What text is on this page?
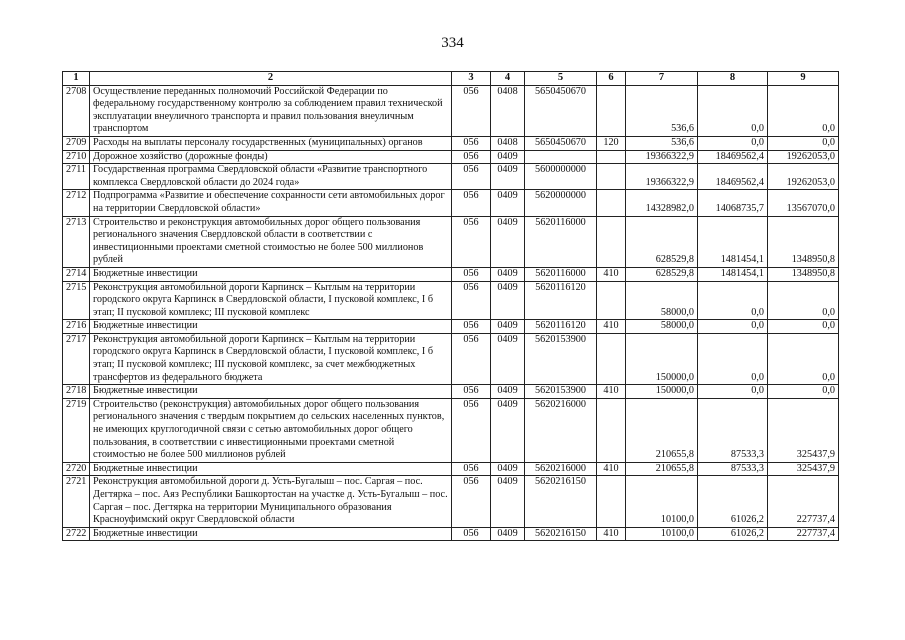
334
1	2	3	4	5	6	7	8	9
2708	Осуществление переданных полномочий Российской Федерации по федеральному государственному контролю за соблюдением правил технической эксплуатации внеуличного транспорта и правил пользования внеуличным транспортом	056	0408	5650450670		536,6	0,0	0,0
2709	Расходы на выплаты персоналу государственных (муниципальных) органов	056	0408	5650450670	120	536,6	0,0	0,0
2710	Дорожное хозяйство (дорожные фонды)	056	0409			19366322,9	18469562,4	19262053,0
2711	Государственная программа Свердловской области «Развитие транспортного комплекса Свердловской области до 2024 года»	056	0409	5600000000		19366322,9	18469562,4	19262053,0
2712	Подпрограмма «Развитие и обеспечение сохранности сети автомобильных дорог на территории Свердловской области»	056	0409	5620000000		14328982,0	14068735,7	13567070,0
2713	Строительство и реконструкция автомобильных дорог общего пользования регионального значения Свердловской области в соответствии с инвестиционными проектами сметной стоимостью не более 500 миллионов рублей	056	0409	5620116000		628529,8	1481454,1	1348950,8
2714	Бюджетные инвестиции	056	0409	5620116000	410	628529,8	1481454,1	1348950,8
2715	Реконструкция автомобильной дороги Карпинск – Кытлым на территории городского округа Карпинск в Свердловской области, I пусковой комплекс, I б этап; II пусковой комплекс; III пусковой комплекс	056	0409	5620116120		58000,0	0,0	0,0
2716	Бюджетные инвестиции	056	0409	5620116120	410	58000,0	0,0	0,0
2717	Реконструкция автомобильной дороги Карпинск – Кытлым на территории городского округа Карпинск в Свердловской области, I пусковой комплекс, I б этап; II пусковой комплекс; III пусковой комплекс, за счет межбюджетных трансфертов из федерального бюджета	056	0409	5620153900		150000,0	0,0	0,0
2718	Бюджетные инвестиции	056	0409	5620153900	410	150000,0	0,0	0,0
2719	Строительство (реконструкция) автомобильных дорог общего пользования регионального значения с твердым покрытием до сельских населенных пунктов, не имеющих круглогодичной связи с сетью автомобильных дорог общего пользования, в соответствии с инвестиционными проектами сметной стоимостью не более 500 миллионов рублей	056	0409	5620216000		210655,8	87533,3	325437,9
2720	Бюджетные инвестиции	056	0409	5620216000	410	210655,8	87533,3	325437,9
2721	Реконструкция автомобильной дороги д. Усть-Бугалыш – пос. Саргая – пос. Дегтярка – пос. Аяз Республики Башкортостан на участке д. Усть-Бугалыш – пос. Саргая – пос. Дегтярка на территории Муниципального образования Красноуфимский округ Свердловской области	056	0409	5620216150		10100,0	61026,2	227737,4
2722	Бюджетные инвестиции	056	0409	5620216150	410	10100,0	61026,2	227737,4
